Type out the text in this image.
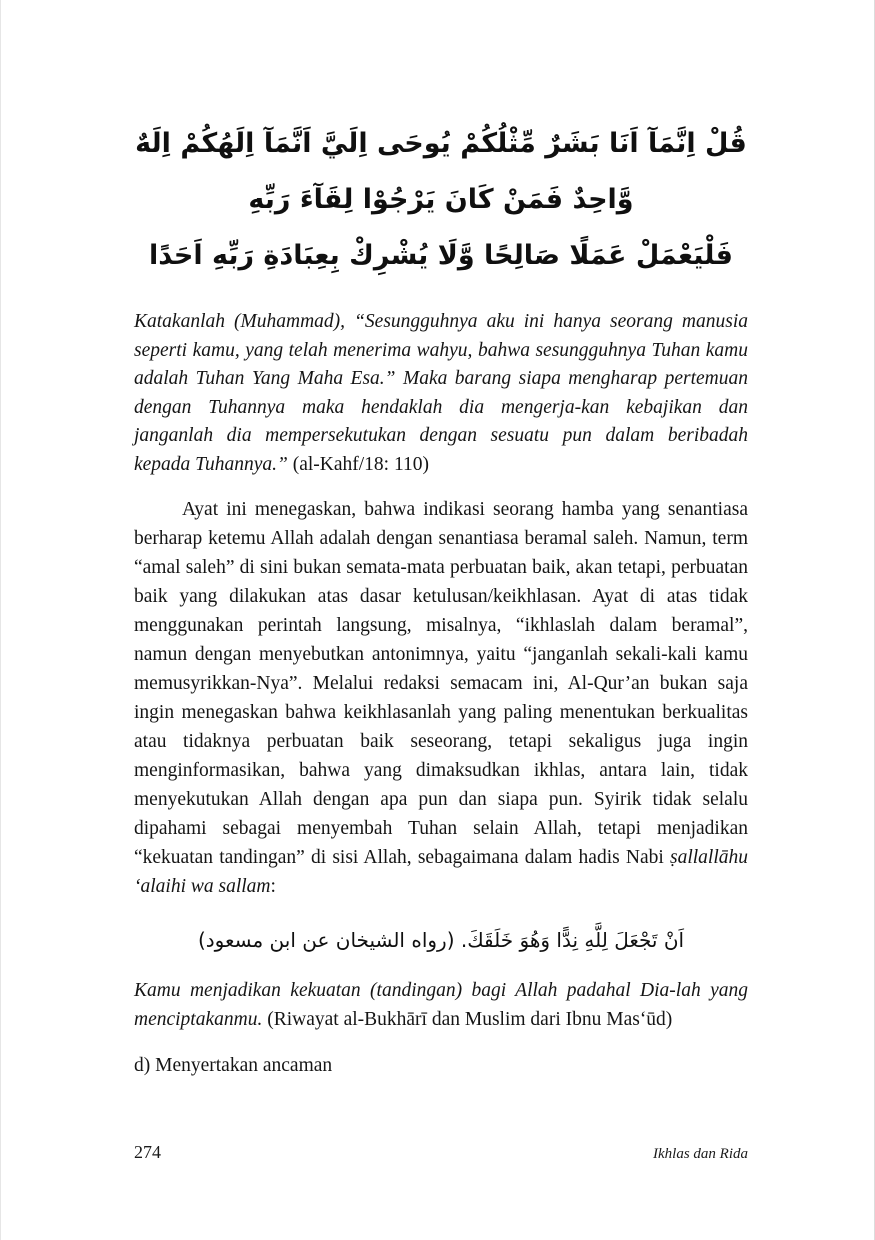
قُلْ اِنَّمَآ اَنَا بَشَرٌ مِّثْلُكُمْ يُوحَى اِلَيَّ اَنَّمَآ اِلَهُكُمْ اِلَهٌ وَّاحِدٌ فَمَنْ كَانَ يَرْجُوْا لِقَآءَ رَبِّهِ
فَلْيَعْمَلْ عَمَلًا صَالِحًا وَّلَا يُشْرِكْ بِعِبَادَةِ رَبِّهِ اَحَدًا

Katakanlah (Muhammad), “Sesungguhnya aku ini hanya seorang manusia seperti kamu, yang telah menerima wahyu, bahwa sesungguhnya Tuhan kamu adalah Tuhan Yang Maha Esa.” Maka barang siapa mengharap pertemuan dengan Tuhannya maka hendaklah dia mengerja-kan kebajikan dan janganlah dia mempersekutukan dengan sesuatu pun dalam beribadah kepada Tuhannya.” (al-Kahf/18: 110)

Ayat ini menegaskan, bahwa indikasi seorang hamba yang senantiasa berharap ketemu Allah adalah dengan senantiasa beramal saleh. Namun, term “amal saleh” di sini bukan semata-mata perbuatan baik, akan tetapi, perbuatan baik yang dilakukan atas dasar ketulusan/keikhlasan. Ayat di atas tidak menggunakan perintah langsung, misalnya, “ikhlaslah dalam beramal”, namun dengan menyebutkan antonimnya, yaitu “janganlah sekali-kali kamu memusyrikkan-Nya”. Melalui redaksi semacam ini, Al-Qur’an bukan saja ingin menegaskan bahwa keikhlasanlah yang paling menentukan berkualitas atau tidaknya perbuatan baik seseorang, tetapi sekaligus juga ingin menginformasikan, bahwa yang dimaksudkan ikhlas, antara lain, tidak menyekutukan Allah dengan apa pun dan siapa pun. Syirik tidak selalu dipahami sebagai menyembah Tuhan selain Allah, tetapi menjadikan “kekuatan tandingan” di sisi Allah, sebagaimana dalam hadis Nabi ṣallallāhu ‘alaihi wa sallam:

اَنْ تَجْعَلَ لِلَّهِ نِدًّا وَهُوَ خَلَقَكَ. (رواه الشيخان عن ابن مسعود)

Kamu menjadikan kekuatan (tandingan) bagi Allah padahal Dia-lah yang menciptakanmu. (Riwayat al-Bukhārī dan Muslim dari Ibnu Mas‘ūd)

d) Menyertakan ancaman

274	Ikhlas dan Rida
